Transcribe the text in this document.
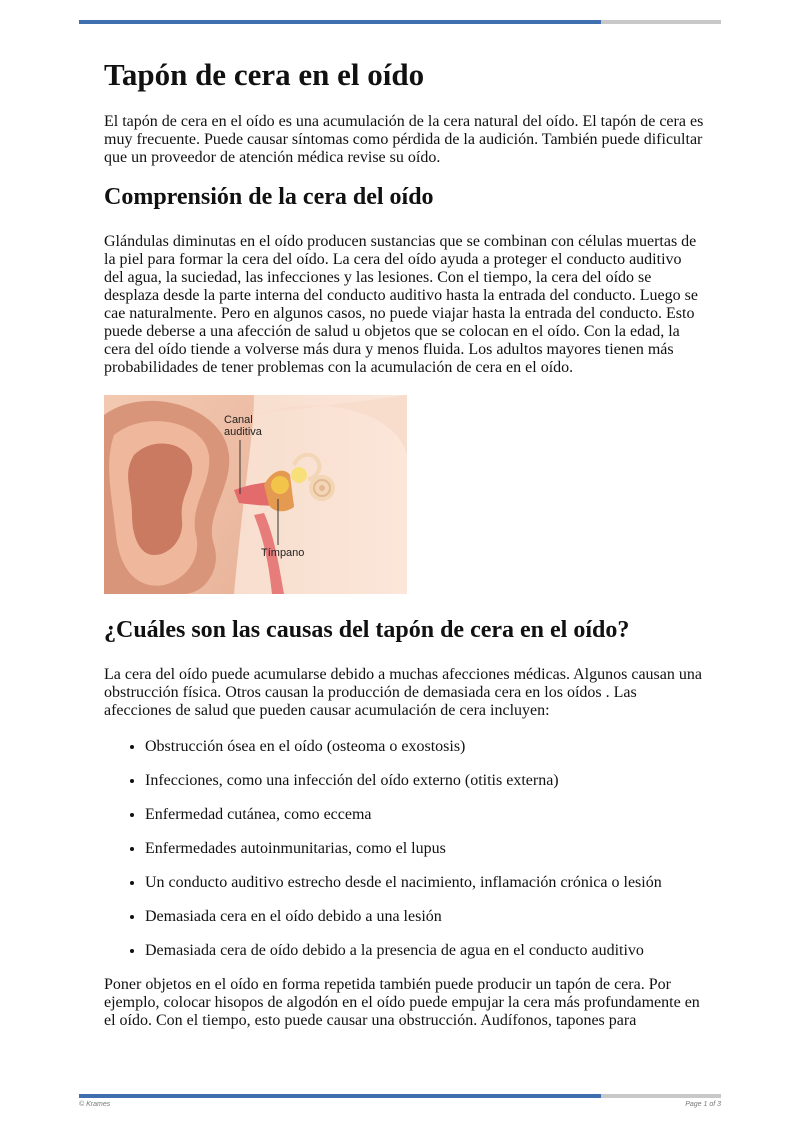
Tapón de cera en el oído

El tapón de cera en el oído es una acumulación de la cera natural del oído. El tapón de cera es muy frecuente. Puede causar síntomas como pérdida de la audición. También puede dificultar que un proveedor de atención médica revise su oído.

Comprensión de la cera del oído

Glándulas diminutas en el oído producen sustancias que se combinan con células muertas de la piel para formar la cera del oído. La cera del oído ayuda a proteger el conducto auditivo del agua, la suciedad, las infecciones y las lesiones. Con el tiempo, la cera del oído se desplaza desde la parte interna del conducto auditivo hasta la entrada del conducto. Luego se cae naturalmente. Pero en algunos casos, no puede viajar hasta la entrada del conducto. Esto puede deberse a una afección de salud u objetos que se colocan en el oído. Con la edad, la cera del oído tiende a volverse más dura y menos fluida. Los adultos mayores tienen más probabilidades de tener problemas con la acumulación de cera en el oído.

Canal
auditiva
Tímpano
¿Cuáles son las causas del tapón de cera en el oído?

La cera del oído puede acumularse debido a muchas afecciones médicas. Algunos causan una obstrucción física. Otros causan la producción de demasiada cera en los oídos . Las afecciones de salud que pueden causar acumulación de cera incluyen:

• Obstrucción ósea en el oído (osteoma o exostosis)
• Infecciones, como una infección del oído externo (otitis externa)
• Enfermedad cutánea, como eccema
• Enfermedades autoinmunitarias, como el lupus
• Un conducto auditivo estrecho desde el nacimiento, inflamación crónica o lesión
• Demasiada cera en el oído debido a una lesión
• Demasiada cera de oído debido a la presencia de agua en el conducto auditivo

Poner objetos en el oído en forma repetida también puede producir un tapón de cera. Por ejemplo, colocar hisopos de algodón en el oído puede empujar la cera más profundamente en el oído. Con el tiempo, esto puede causar una obstrucción. Audífonos, tapones para

© Krames	Page 1 of 3
